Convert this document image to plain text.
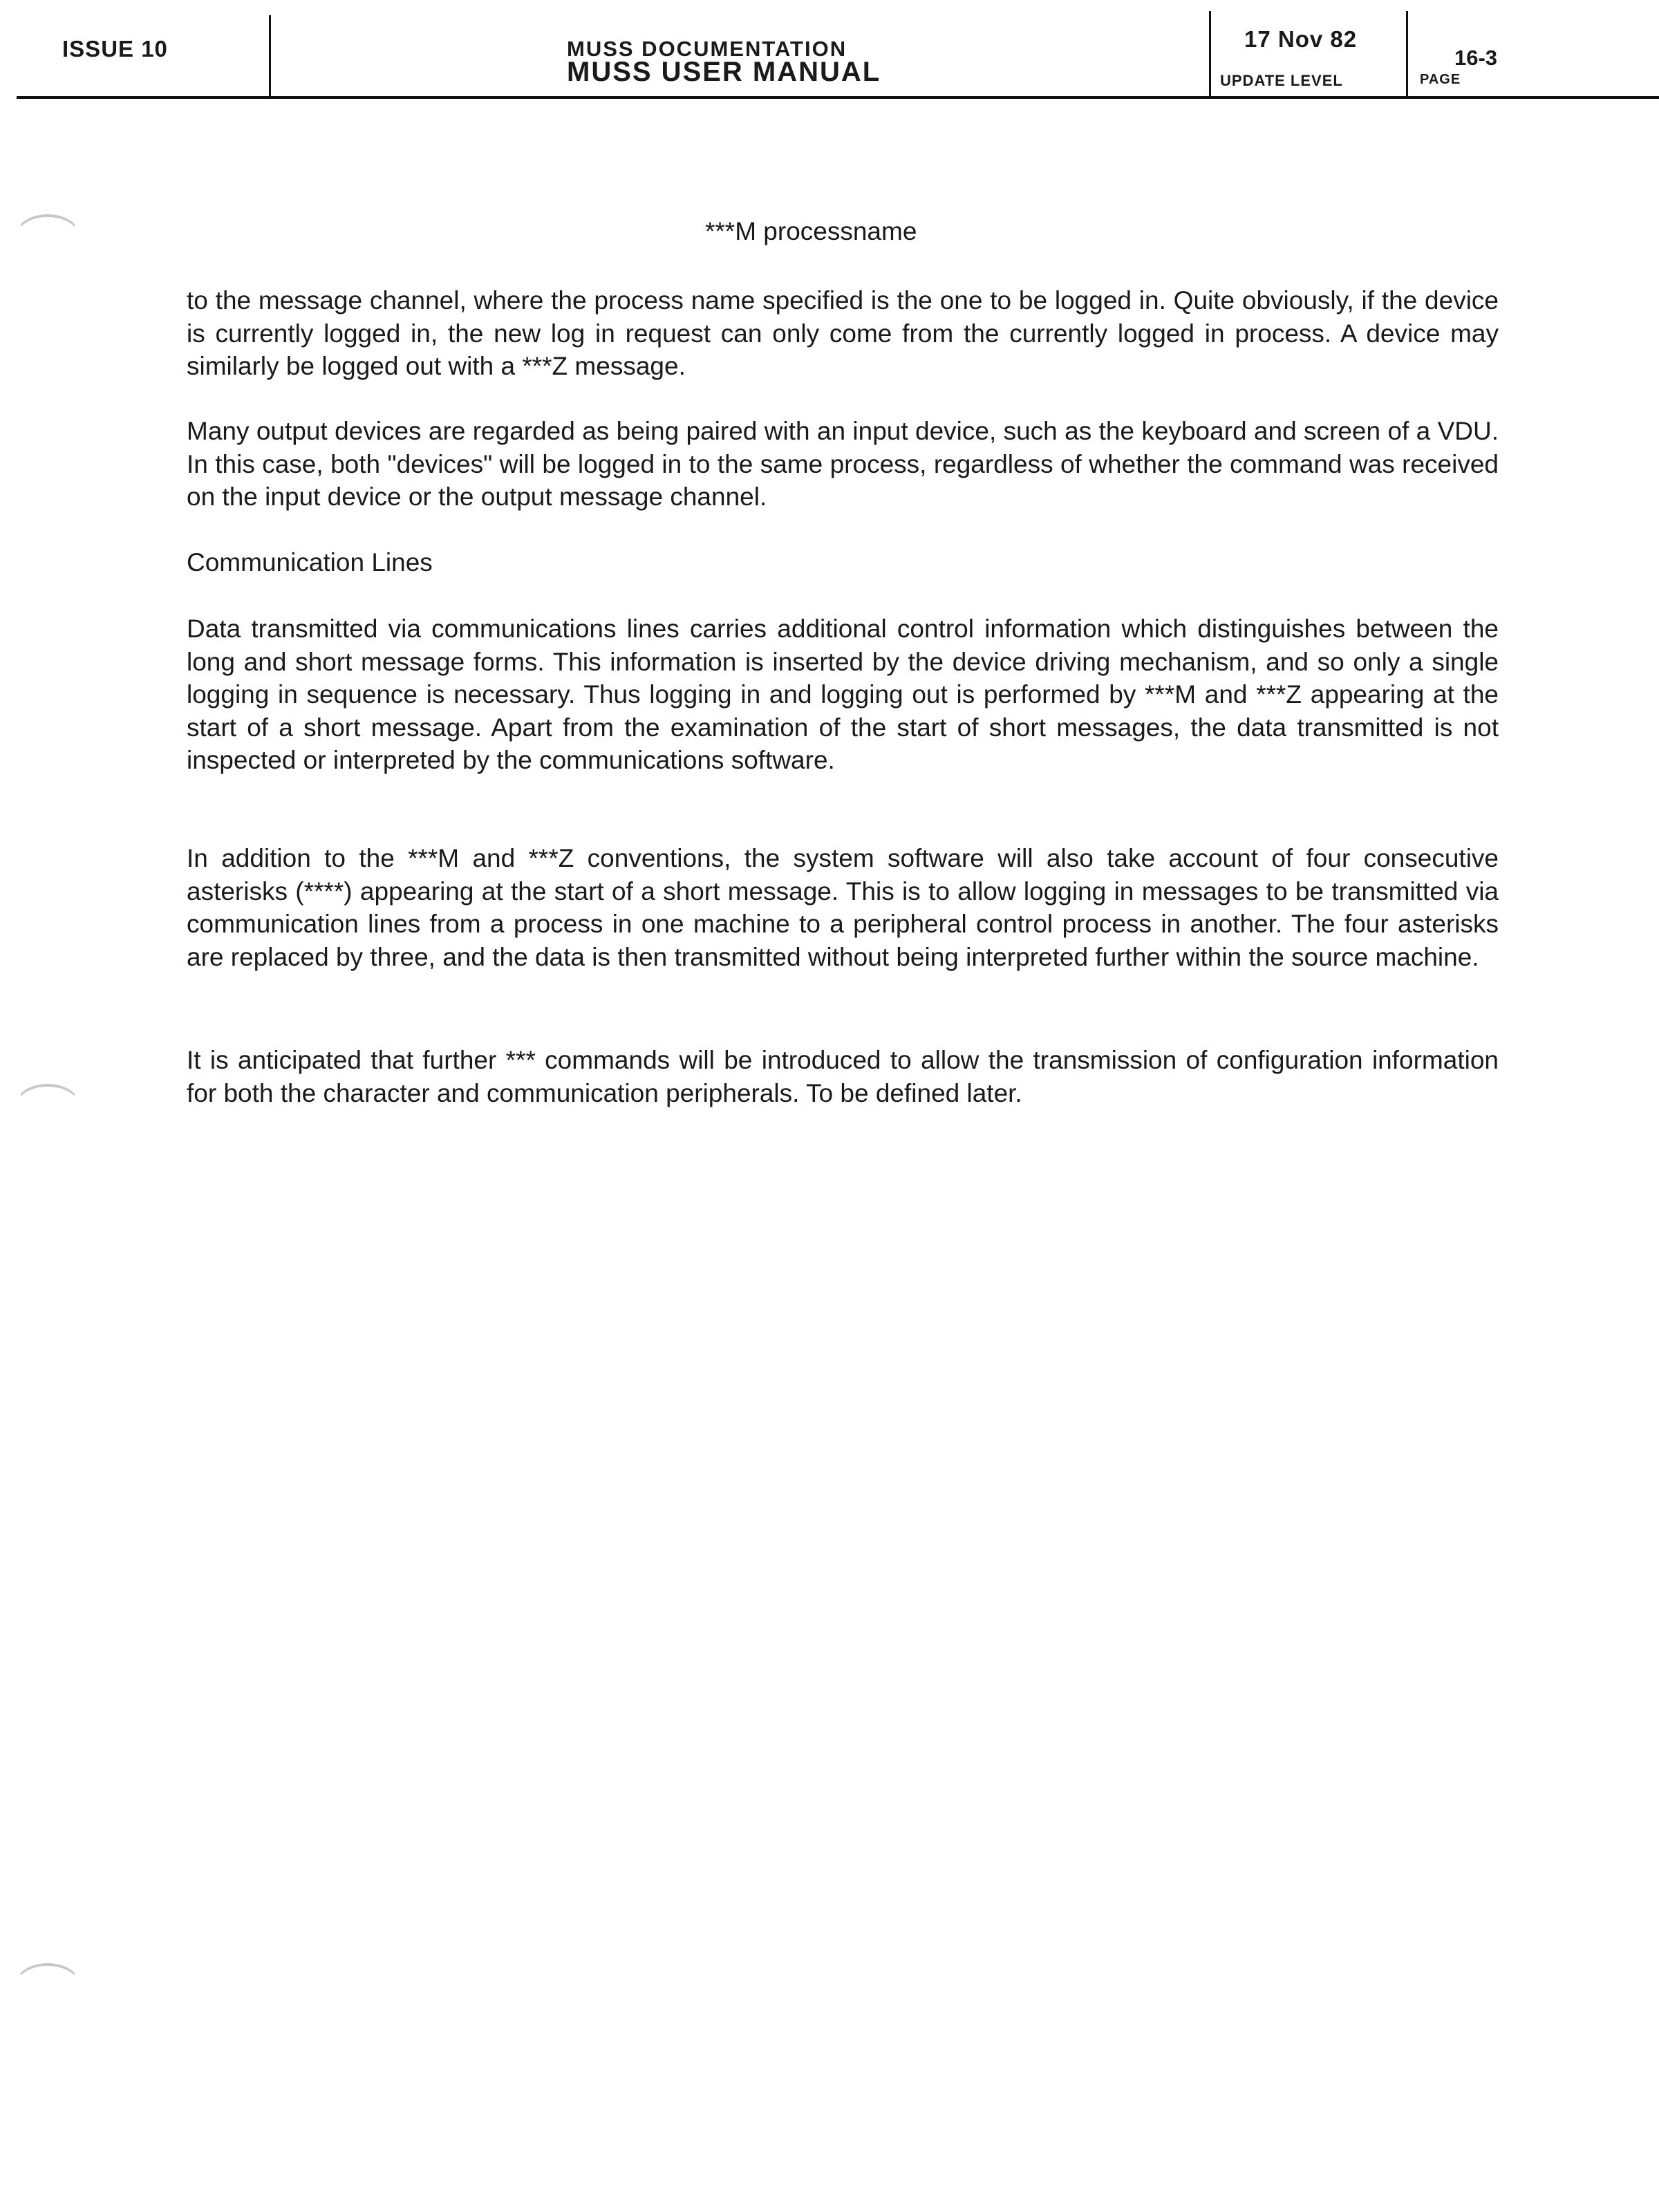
ISSUE 10	MUSS DOCUMENTATION
MUSS USER MANUAL
17 Nov 82
UPDATE LEVEL
16-3
PAGE
***M processname

to the message channel, where the process name specified is the one to be logged in. Quite obviously, if the device is currently logged in, the new log in request can only come from the currently logged in process. A device may similarly be logged out with a ***Z message.

Many output devices are regarded as being paired with an input device, such as the keyboard and screen of a VDU. In this case, both "devices" will be logged in to the same process, regardless of whether the command was received on the input device or the output message channel.

Communication Lines

Data transmitted via communications lines carries additional control information which distinguishes between the long and short message forms. This information is inserted by the device driving mechanism, and so only a single logging in sequence is necessary. Thus logging in and logging out is performed by ***M and ***Z appearing at the start of a short message. Apart from the examination of the start of short messages, the data transmitted is not inspected or interpreted by the communications software.

In addition to the ***M and ***Z conventions, the system software will also take account of four consecutive asterisks (****) appearing at the start of a short message. This is to allow logging in messages to be transmitted via communication lines from a process in one machine to a peripheral control process in another. The four asterisks are replaced by three, and the data is then transmitted without being interpreted further within the source machine.

It is anticipated that further *** commands will be introduced to allow the transmission of configuration information for both the character and communication peripherals. To be defined later.
